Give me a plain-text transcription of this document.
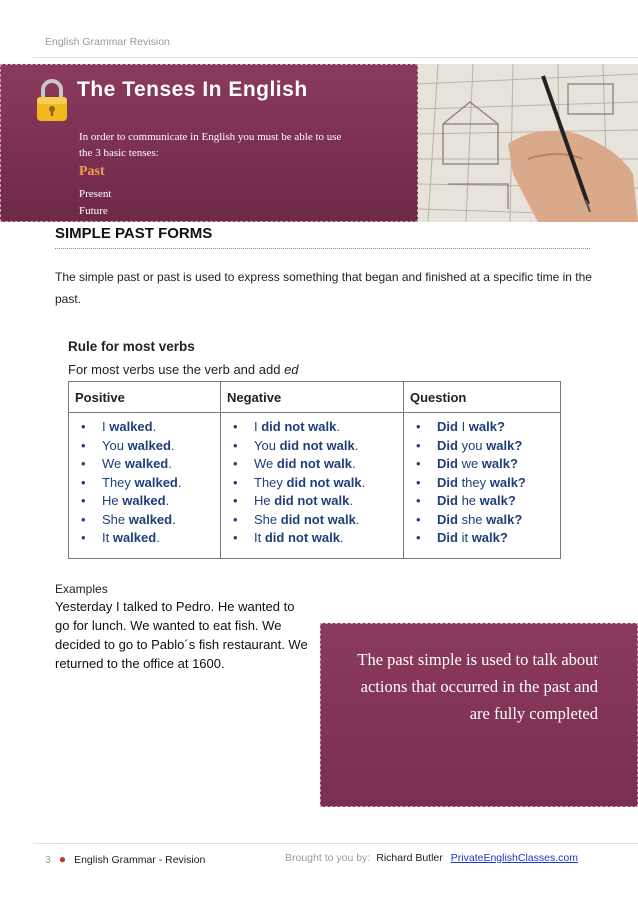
English Grammar Revision
The Tenses In English
In order to communicate in English you must be able to use
the 3 basic tenses:
Past
Present
Future
SIMPLE PAST FORMS
The simple past or past is used to express something that began and finished at a specific time in the past.
Rule for most verbs
For most verbs use the verb and add ed
Positive
• I walked.
• You walked.
• We walked.
• They walked.
• He walked.
• She walked.
• It walked.
Negative
• I did not walk.
• You did not walk.
• We did not walk.
• They did not walk.
• He did not walk.
• She did not walk.
• It did not walk.
Question
• Did I walk?
• Did you walk?
• Did we walk?
• Did they walk?
• Did he walk?
• Did she walk?
• Did it walk?
Examples
Yesterday I talked to Pedro. He wanted to go for lunch. We wanted to eat fish. We decided to go to Pablo´s fish restaurant. We returned to the office at 1600.	The past simple is used to talk about actions that occurred in the past and are fully completed
3 ● English Grammar - Revision	Brought to you by: Richard Butler PrivateEnglishClasses.com
